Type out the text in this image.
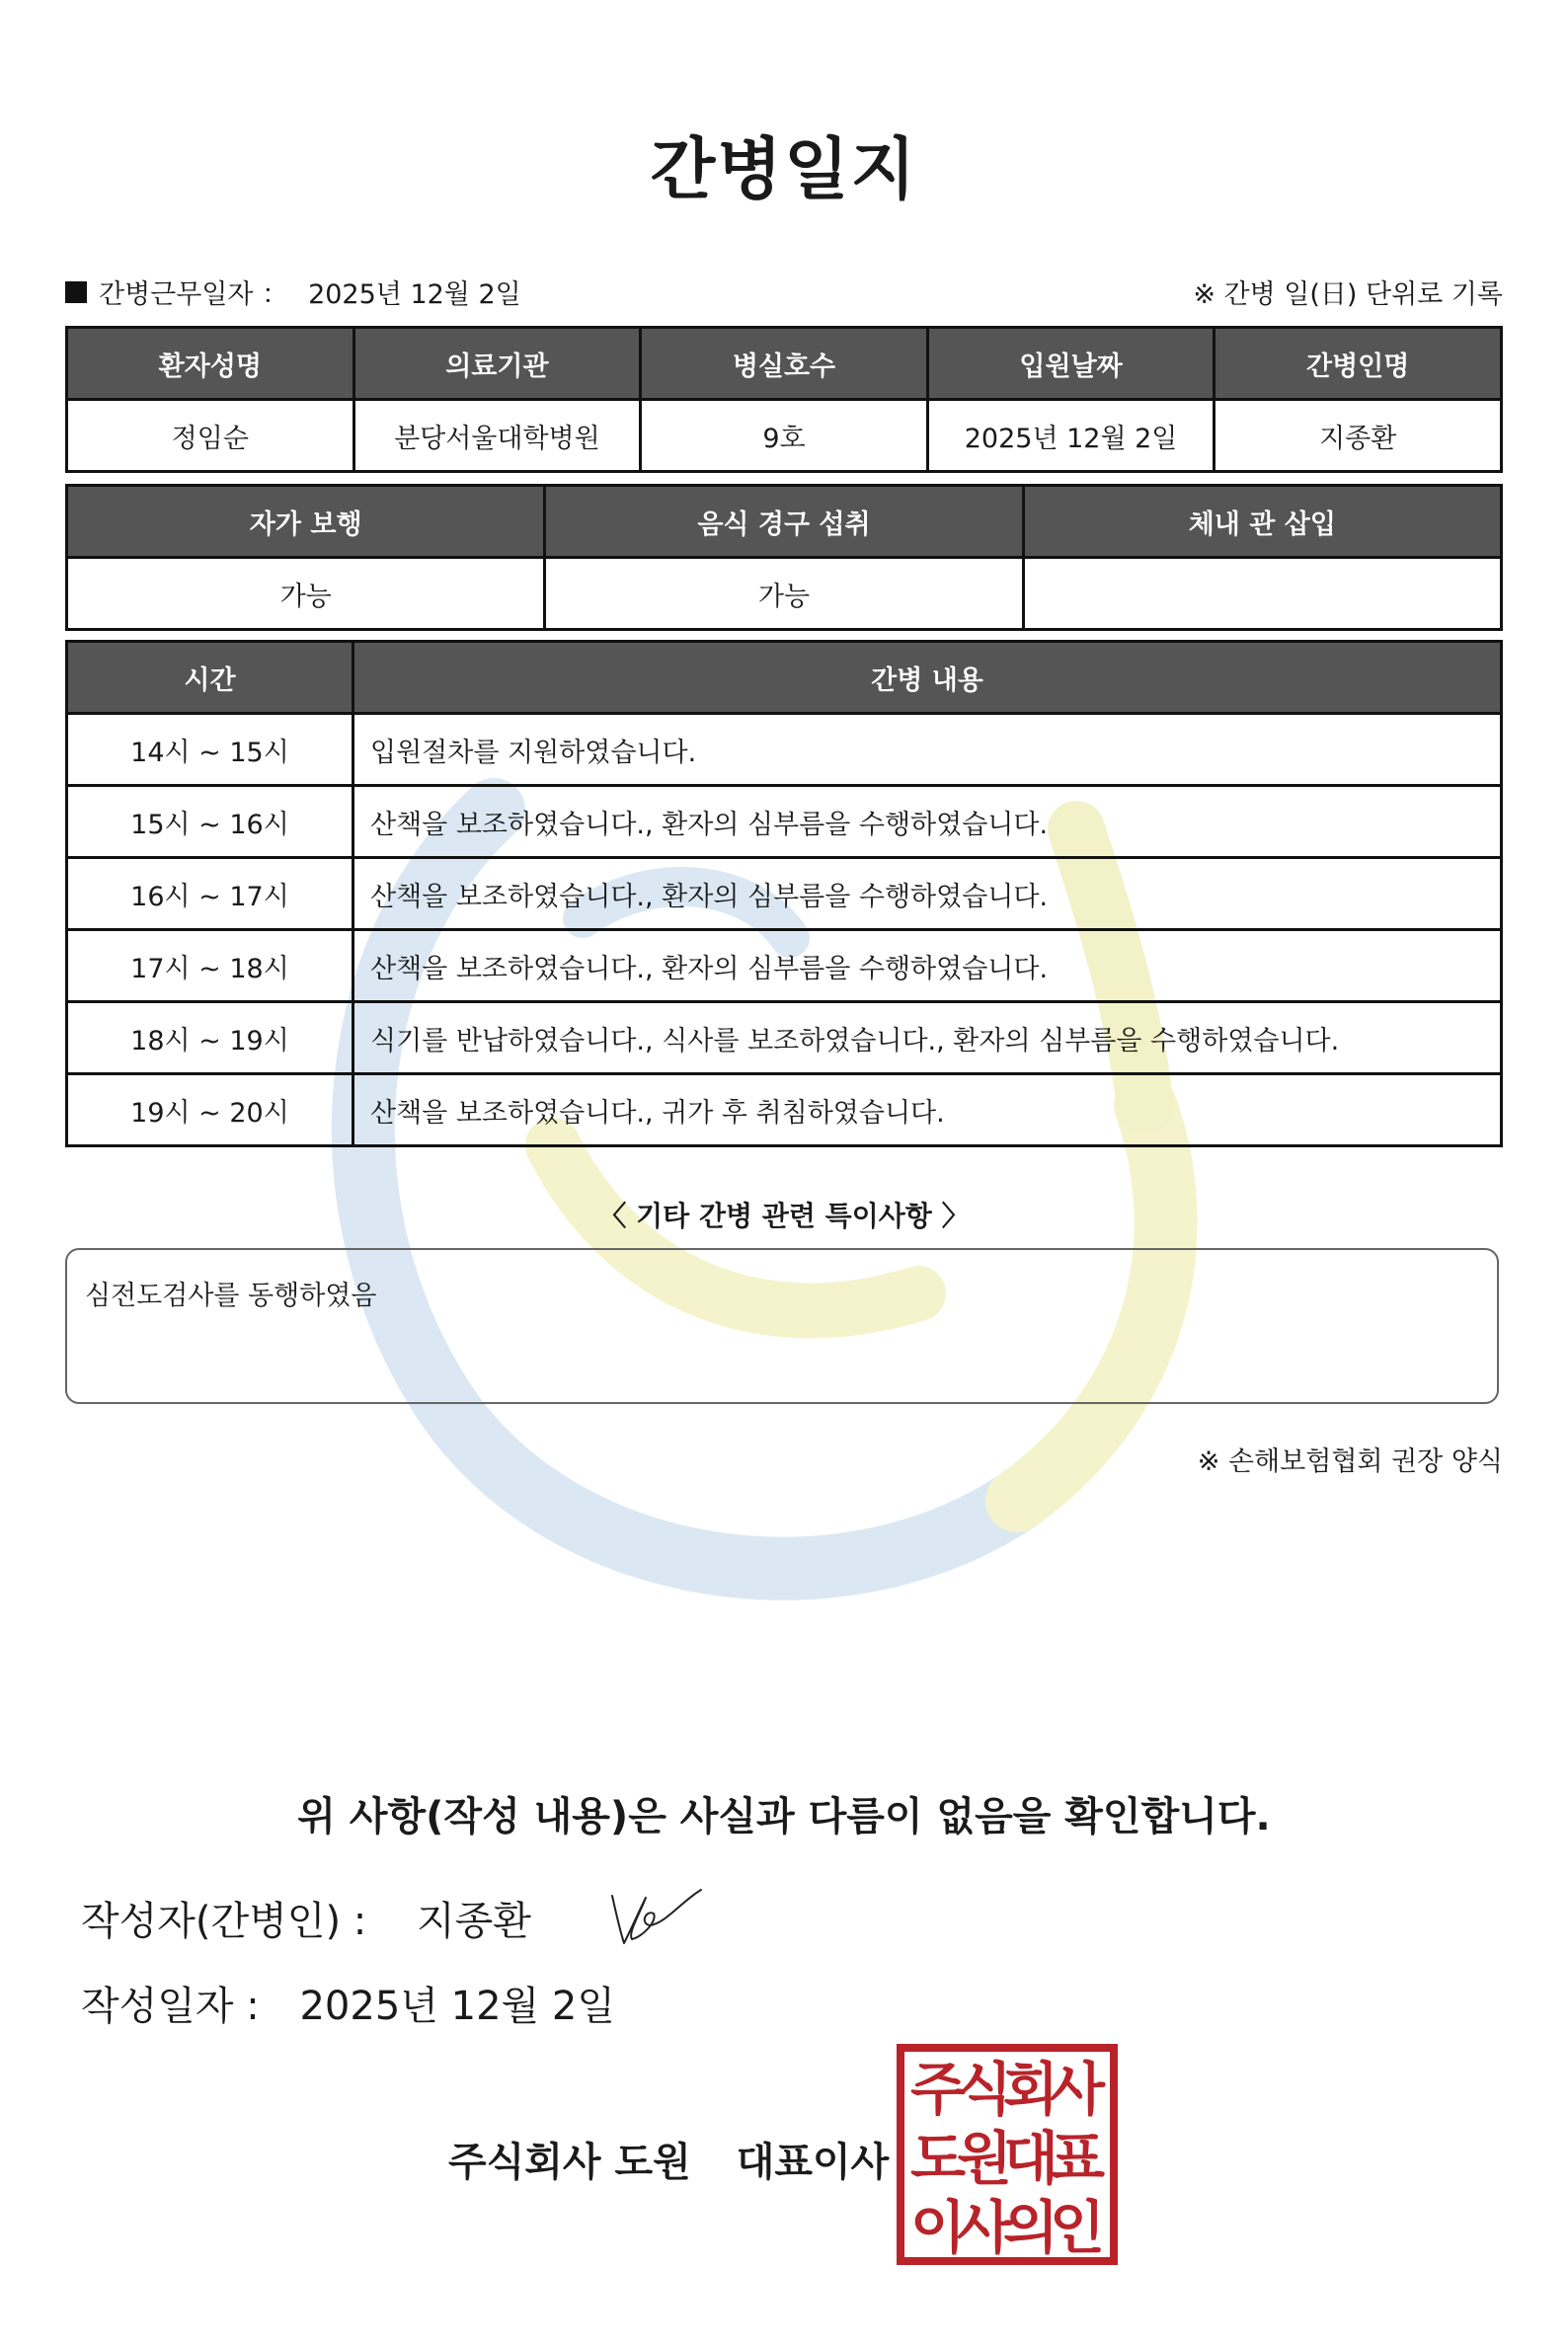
간병일지
간병근무일자 ： 2025년 12월 2일	※ 간병 일(日) 단위로 기록
환자성명	의료기관	병실호수	입원날짜	간병인명
정임순	분당서울대학병원	9호	2025년 12월 2일	지종환
자가 보행	음식 경구 섭취	체내 관 삽입
가능	가능	
시간	간병 내용
14시 ~ 15시	입원절차를 지원하였습니다.
15시 ~ 16시	산책을 보조하였습니다., 환자의 심부름을 수행하였습니다.
16시 ~ 17시	산책을 보조하였습니다., 환자의 심부름을 수행하였습니다.
17시 ~ 18시	산책을 보조하였습니다., 환자의 심부름을 수행하였습니다.
18시 ~ 19시	식기를 반납하였습니다., 식사를 보조하였습니다., 환자의 심부름을 수행하였습니다.
19시 ~ 20시	산책을 보조하였습니다., 귀가 후 취침하였습니다.
〈 기타 간병 관련 특이사항 〉
심전도검사를 동행하였음
※ 손해보험협회 권장 양식
위 사항(작성 내용)은 사실과 다름이 없음을 확인합니다.
작성자(간병인) : 지종환
작성일자 : 2025년 12월 2일
주식회사 도원 대표이사
주
식
회
사
도
원
대
표
이
사
의
인
